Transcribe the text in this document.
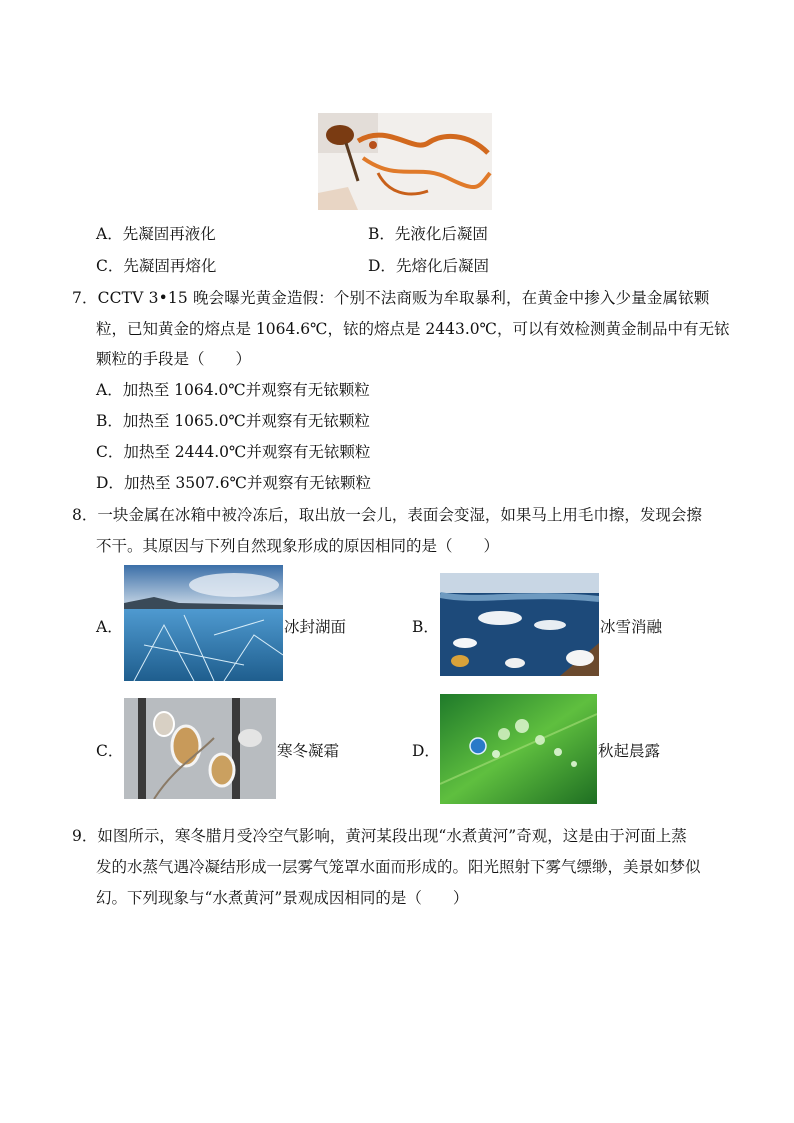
A．先凝固再液化	B．先液化后凝固
C．先凝固再熔化	D．先熔化后凝固
7．CCTV 3•15 晚会曝光黄金造假：个别不法商贩为牟取暴利，在黄金中掺入少量金属铱颗
粒，已知黄金的熔点是 1064.6℃，铱的熔点是 2443.0℃，可以有效检测黄金制品中有无铱
颗粒的手段是（　　）
A．加热至 1064.0℃并观察有无铱颗粒
B．加热至 1065.0℃并观察有无铱颗粒
C．加热至 2444.0℃并观察有无铱颗粒
D．加热至 3507.6℃并观察有无铱颗粒
8．一块金属在冰箱中被冷冻后，取出放一会儿，表面会变湿，如果马上用毛巾擦，发现会擦
不干。其原因与下列自然现象形成的原因相同的是（　　）
A．	冰封湖面	B．	冰雪消融
C．	寒冬凝霜	D．	秋起晨露
9．如图所示，寒冬腊月受冷空气影响，黄河某段出现“水煮黄河”奇观，这是由于河面上蒸
发的水蒸气遇冷凝结形成一层雾气笼罩水面而形成的。阳光照射下雾气缥缈，美景如梦似
幻。下列现象与“水煮黄河”景观成因相同的是（　　）
